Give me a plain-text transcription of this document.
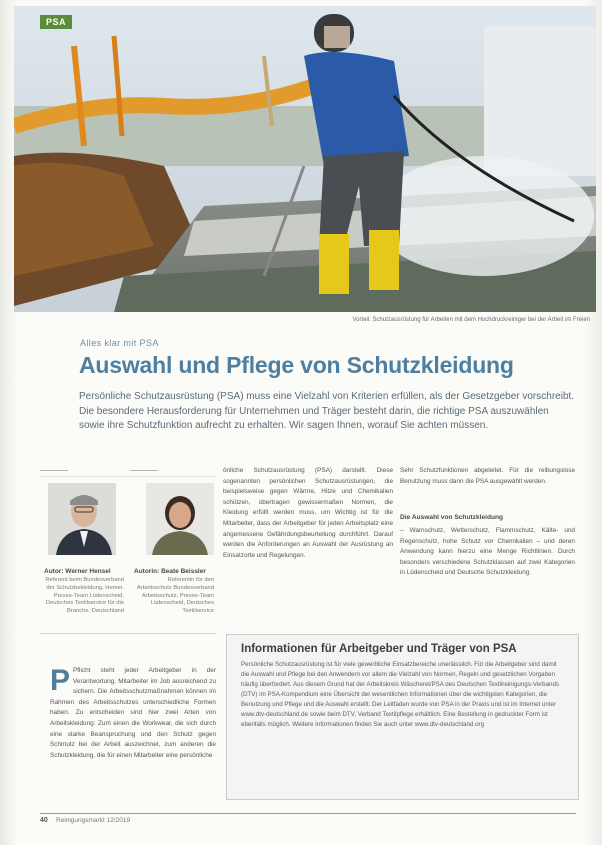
PSA
Vorteil: Schutzausrüstung für Arbeiten mit dem Hochdruckreiniger bei der Arbeit im Freien
Alles klar mit PSA
Auswahl und Pflege von Schutzkleidung

Persönliche Schutzausrüstung (PSA) muss eine Vielzahl von Kriterien erfüllen, als der Gesetzgeber vorschreibt. Die besondere Herausforderung für Unternehmen und Träger besteht darin, die richtige PSA auszuwählen sowie ihre Schutzfunktion aufrecht zu erhalten. Wir sagen Ihnen, worauf Sie achten müssen.

Autor: Werner Hensel
Referent beim Bundesverband der Schutzbekleidung, Hemer. Presse-Team Lüdenscheid, Deutsches Textilservice für die Branche, Deutschland
Autorin: Beate Beissler
Referentin für den Arbeitsschutz Bundesverband Arbeitsschutz, Presse-Team Lüdenscheid, Deutsches Textilservice

P Pflicht steht jeder Arbeitgeber in der Verantwortung, Mitarbeiter im Job ausreichend zu sichern. Die Arbeitsschutzmaßnahmen können im Rahmen des Arbeitsschutzes unterschiedliche Formen haben. Zu entscheiden sind hier zwei Arten von Arbeitskleidung: Zum einen die Workwear, die sich durch eine starke Beanspruchung und den Schutz gegen Schmutz bei der Arbeit auszeichnet, zum anderen die Schutzkleidung, die für einen Mitarbeiter eine persönliche

önliche Schutzausrüstung (PSA) darstellt. Diese sogenannten persönlichen Schutzausrüstungen, die beispielsweise gegen Wärme, Hitze und Chemikalien schützen, übertragen gewissermaßen Normen, die Kleidung erfüllt werden muss, um Wichtig ist für die Mitarbeiter, dass der Arbeitgeber für jeden Arbeitsplatz eine angemessene Gefährdungsbeurteilung durchführt. Darauf werden die Anforderungen an Auswahl der Ausrüstung an Einsatzorte und Regelungen.

Sehr Schutzfunktionen abgeleitet. Für die reibungslose Benutzung muss dann die PSA ausgewählt werden.

Die Auswahl von Schutzkleidung

– Warnschutz, Wetterschutz, Flammschutz, Kälte- und Regenschutz, hohe Schutz vor Chemikalien – und deren Anwendung kann hierzu eine Menge Richtlinien. Durch besonders verschiedene Schutzklassen auf zwei Kategorien in Lüdenscheid und Deutsche Schutzkleidung.

Informationen für Arbeitgeber und Träger von PSA

Persönliche Schutzausrüstung ist für viele gewerbliche Einsatzbereiche unerlässlich. Für die Arbeitgeber sind damit die Auswahl und Pflege bei den Anwendern vor allem die Vielzahl von Normen, Regeln und gesetzlichen Vorgaben häufig überfordert. Aus diesem Grund hat der Arbeitskreis Wäscherei/PSA des Deutschen Textilreinigungs-Verbands (DTV) im PSA-Kompendium eine Übersicht der wesentlichen Informationen über die wichtigsten Kategorien, die Benutzung und Pflege und die Auswahl erstellt. Der Leitfaden wurde von PSA in der Praxis und ist im Internet unter www.dtv-deutschland.de sowie beim DTV, Verband Textilpflege erhältlich. Eine Bestellung in gedruckter Form ist ebenfalls möglich. Weitere Informationen finden Sie auch unter www.dtv-deutschland.org

40 Reinigungsmarkt 12/2019
